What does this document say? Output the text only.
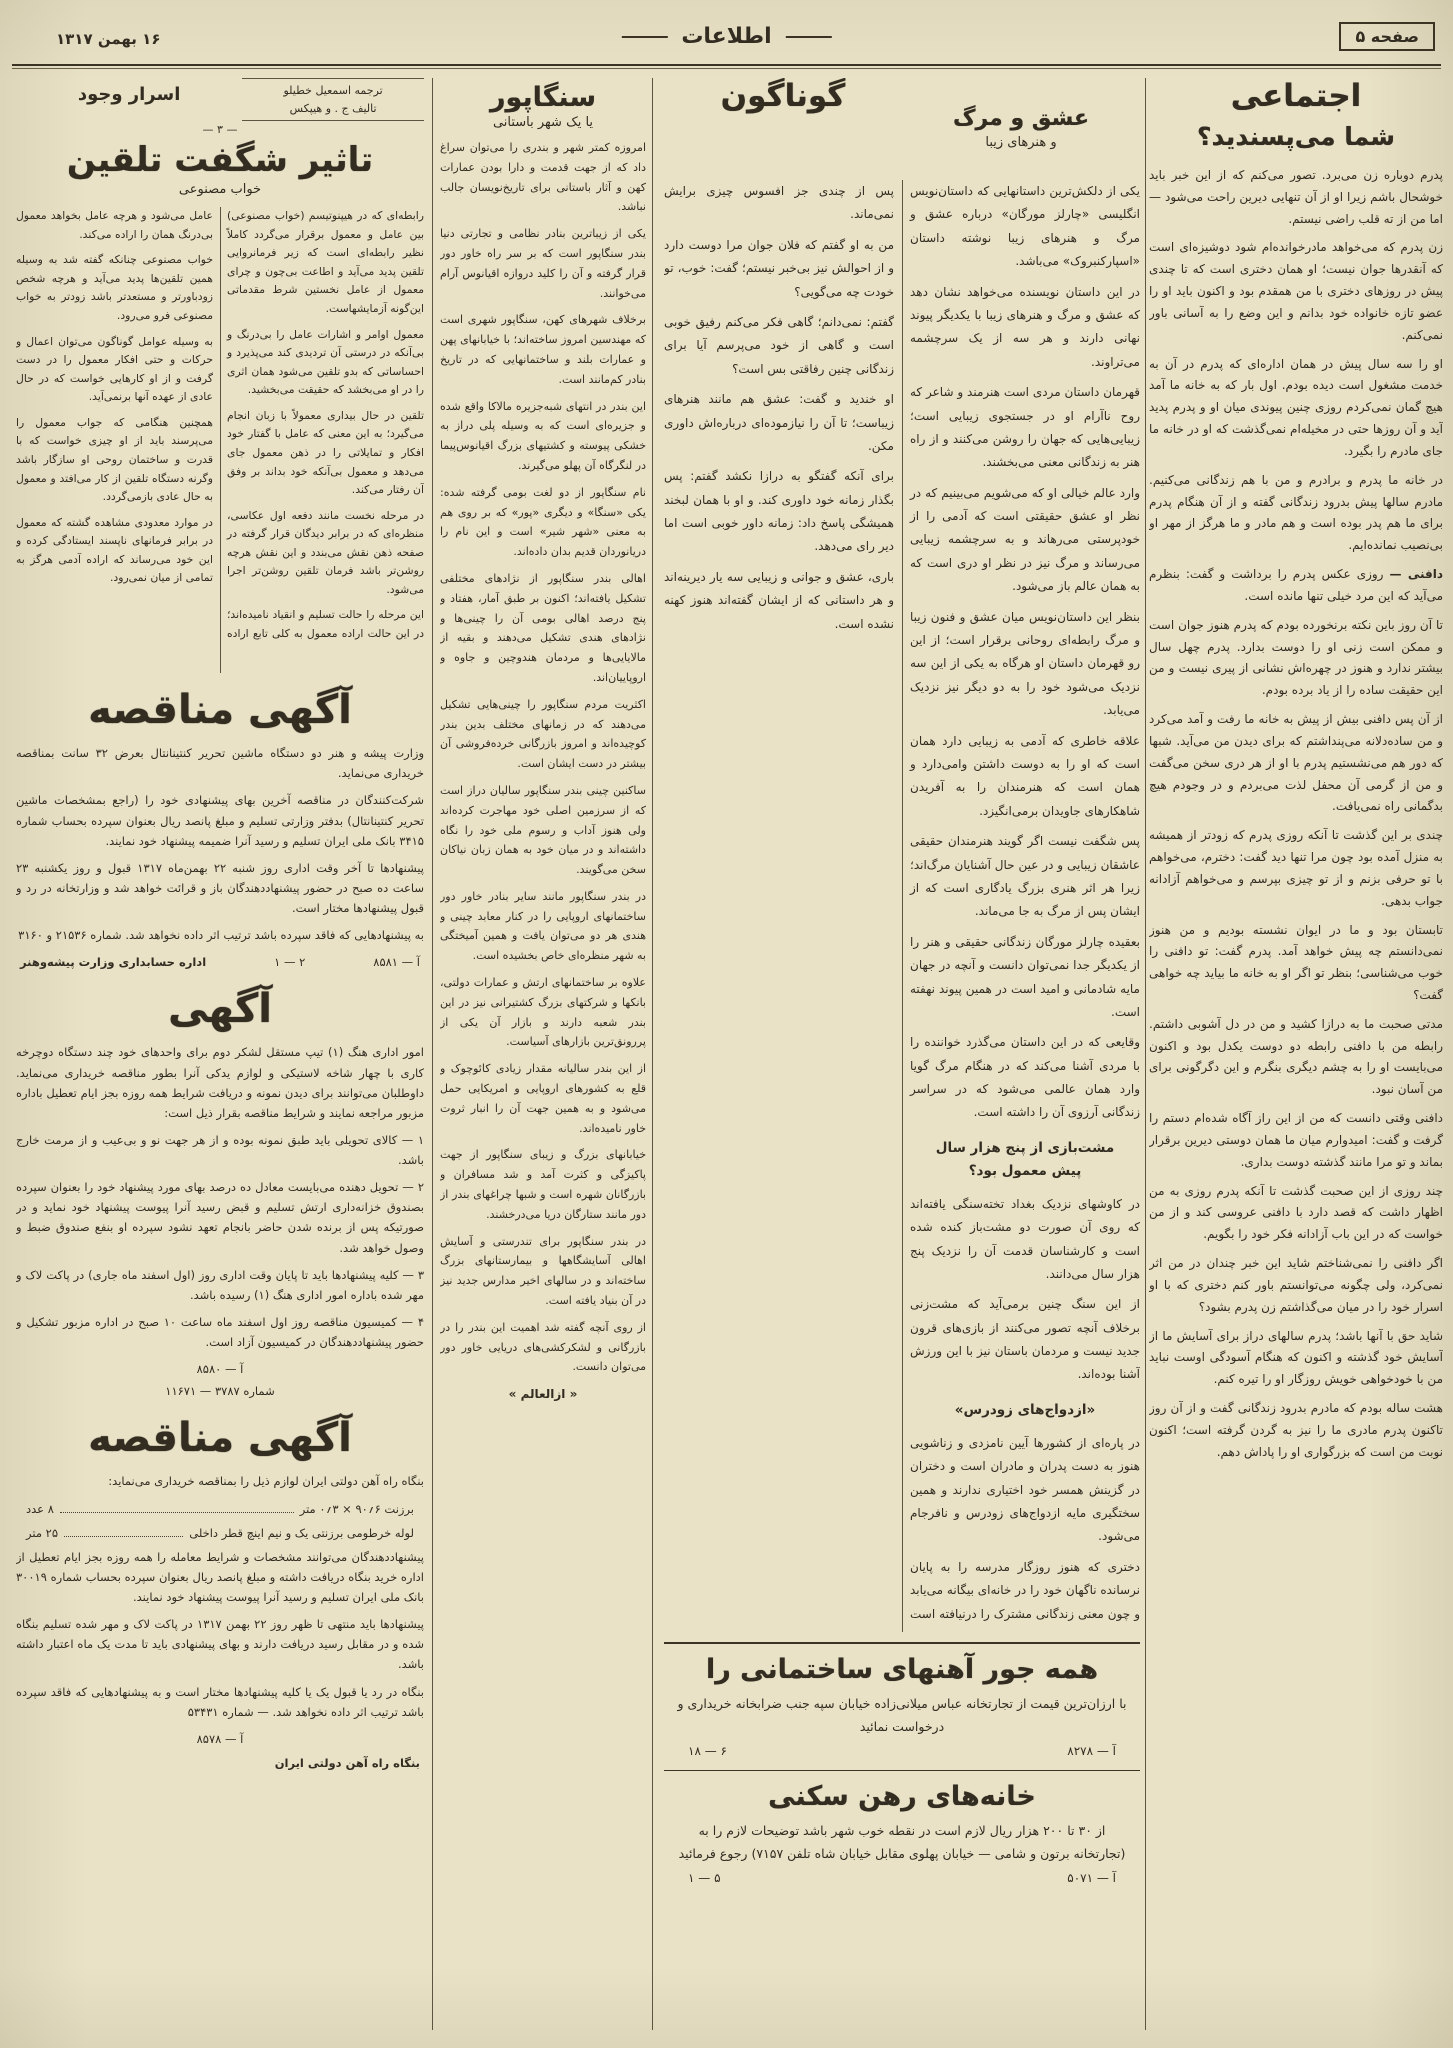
صفحه ۵
اطلاعات
۱۶ بهمن ۱۳۱۷
اجتماعی
شما می‌پسندید؟

پدرم دوباره زن می‌برد. تصور می‌کنم که از این خبر باید خوشحال باشم زیرا او از آن تنهایی دیرین راحت می‌شود — اما من از ته قلب راضی نیستم.

زن پدرم که می‌خواهد مادرخوانده‌ام شود دوشیزه‌ای است که آنقدرها جوان نیست؛ او همان دختری است که تا چندی پیش در روزهای دختری با من همقدم بود و اکنون باید او را عضو تازه خانواده خود بدانم و این وضع را به آسانی باور نمی‌کنم.

او را سه سال پیش در همان اداره‌ای که پدرم در آن به خدمت مشغول است دیده بودم. اول بار که به خانه ما آمد هیچ گمان نمی‌کردم روزی چنین پیوندی میان او و پدرم پدید آید و آن روزها حتی در مخیله‌ام نمی‌گذشت که او در خانه ما جای مادرم را بگیرد.

در خانه ما پدرم و برادرم و من با هم زندگانی می‌کنیم. مادرم سالها پیش بدرود زندگانی گفته و از آن هنگام پدرم برای ما هم پدر بوده است و هم مادر و ما هرگز از مهر او بی‌نصیب نمانده‌ایم.

دافنی — روزی عکس پدرم را برداشت و گفت: بنظرم می‌آید که این مرد خیلی تنها مانده است.

تا آن روز باین نکته برنخورده بودم که پدرم هنوز جوان است و ممکن است زنی او را دوست بدارد. پدرم چهل سال بیشتر ندارد و هنوز در چهره‌اش نشانی از پیری نیست و من این حقیقت ساده را از یاد برده بودم.

از آن پس دافنی بیش از پیش به خانه ما رفت و آمد می‌کرد و من ساده‌دلانه می‌پنداشتم که برای دیدن من می‌آید. شبها که دور هم می‌نشستیم پدرم با او از هر دری سخن می‌گفت و من از گرمی آن محفل لذت می‌بردم و در وجودم هیچ بدگمانی راه نمی‌یافت.

چندی بر این گذشت تا آنکه روزی پدرم که زودتر از همیشه به منزل آمده بود چون مرا تنها دید گفت: دخترم، می‌خواهم با تو حرفی بزنم و از تو چیزی بپرسم و می‌خواهم آزادانه جواب بدهی.

تابستان بود و ما در ایوان نشسته بودیم و من هنوز نمی‌دانستم چه پیش خواهد آمد. پدرم گفت: تو دافنی را خوب می‌شناسی؛ بنظر تو اگر او به خانه ما بیاید چه خواهی گفت؟

مدتی صحبت ما به درازا کشید و من در دل آشوبی داشتم. رابطه من با دافنی رابطه دو دوست یکدل بود و اکنون می‌بایست او را به چشم دیگری بنگرم و این دگرگونی برای من آسان نبود.

دافنی وقتی دانست که من از این راز آگاه شده‌ام دستم را گرفت و گفت: امیدوارم میان ما همان دوستی دیرین برقرار بماند و تو مرا مانند گذشته دوست بداری.

چند روزی از این صحبت گذشت تا آنکه پدرم روزی به من اظهار داشت که قصد دارد با دافنی عروسی کند و از من خواست که در این باب آزادانه فکر خود را بگویم.

اگر دافنی را نمی‌شناختم شاید این خبر چندان در من اثر نمی‌کرد، ولی چگونه می‌توانستم باور کنم دختری که با او اسرار خود را در میان می‌گذاشتم زن پدرم بشود؟

شاید حق با آنها باشد؛ پدرم سالهای دراز برای آسایش ما از آسایش خود گذشته و اکنون که هنگام آسودگی اوست نباید من با خودخواهی خویش روزگار او را تیره کنم.

هشت ساله بودم که مادرم بدرود زندگانی گفت و از آن روز تاکنون پدرم مادری ما را نیز به گردن گرفته است؛ اکنون نوبت من است که بزرگواری او را پاداش دهم.

عشق و مرگ
و هنرهای زیبا
گوناگون

یکی از دلکش‌ترین داستانهایی که داستان‌نویس انگلیسی «چارلز مورگان» درباره عشق و مرگ و هنرهای زیبا نوشته داستان «اسپارکنبروک» می‌باشد.

در این داستان نویسنده می‌خواهد نشان دهد که عشق و مرگ و هنرهای زیبا با یکدیگر پیوند نهانی دارند و هر سه از یک سرچشمه می‌تراوند.

قهرمان داستان مردی است هنرمند و شاعر که روح ناآرام او در جستجوی زیبایی است؛ زیبایی‌هایی که جهان را روشن می‌کنند و از راه هنر به زندگانی معنی می‌بخشند.

وارد عالم خیالی او که می‌شویم می‌بینیم که در نظر او عشق حقیقتی است که آدمی را از خودپرستی می‌رهاند و به سرچشمه زیبایی می‌رساند و مرگ نیز در نظر او دری است که به همان عالم باز می‌شود.

بنظر این داستان‌نویس میان عشق و فنون زیبا و مرگ رابطه‌ای روحانی برقرار است؛ از این رو قهرمان داستان او هرگاه به یکی از این سه نزدیک می‌شود خود را به دو دیگر نیز نزدیک می‌یابد.

علاقه خاطری که آدمی به زیبایی دارد همان است که او را به دوست داشتن وامی‌دارد و همان است که هنرمندان را به آفریدن شاهکارهای جاویدان برمی‌انگیزد.

پس شگفت نیست اگر گویند هنرمندان حقیقی عاشقان زیبایی و در عین حال آشنایان مرگ‌اند؛ زیرا هر اثر هنری بزرگ یادگاری است که از ایشان پس از مرگ به جا می‌ماند.

بعقیده چارلز مورگان زندگانی حقیقی و هنر را از یکدیگر جدا نمی‌توان دانست و آنچه در جهان مایه شادمانی و امید است در همین پیوند نهفته است.

وقایعی که در این داستان می‌گذرد خواننده را با مردی آشنا می‌کند که در هنگام مرگ گویا وارد همان عالمی می‌شود که در سراسر زندگانی آرزوی آن را داشته است.

مشت‌بازی از پنج هزار سال پیش معمول بود؟

در کاوشهای نزدیک بغداد تخته‌سنگی یافته‌اند که روی آن صورت دو مشت‌باز کنده شده است و کارشناسان قدمت آن را نزدیک پنج هزار سال می‌دانند.

از این سنگ چنین برمی‌آید که مشت‌زنی برخلاف آنچه تصور می‌کنند از بازی‌های قرون جدید نیست و مردمان باستان نیز با این ورزش آشنا بوده‌اند.

«ازدواج‌های زودرس»

در پاره‌ای از کشورها آیین نامزدی و زناشویی هنوز به دست پدران و مادران است و دختران در گزینش همسر خود اختیاری ندارند و همین سختگیری مایه ازدواج‌های زودرس و نافرجام می‌شود.

دختری که هنوز روزگار مدرسه را به پایان نرسانده ناگهان خود را در خانه‌ای بیگانه می‌یابد و چون معنی زندگانی مشترک را درنیافته است پس از چندی جز افسوس چیزی برایش نمی‌ماند.

من به او گفتم که فلان جوان مرا دوست دارد و از احوالش نیز بی‌خبر نیستم؛ گفت: خوب، تو خودت چه می‌گویی؟

گفتم: نمی‌دانم؛ گاهی فکر می‌کنم رفیق خوبی است و گاهی از خود می‌پرسم آیا برای زندگانی چنین رفاقتی بس است؟

او خندید و گفت: عشق هم مانند هنرهای زیباست؛ تا آن را نیازموده‌ای درباره‌اش داوری مکن.

برای آنکه گفتگو به درازا نکشد گفتم: پس بگذار زمانه خود داوری کند. و او با همان لبخند همیشگی پاسخ داد: زمانه داور خوبی است اما دیر رای می‌دهد.

باری، عشق و جوانی و زیبایی سه یار دیرینه‌اند و هر داستانی که از ایشان گفته‌اند هنوز کهنه نشده است.

همه جور آهنهای ساختمانی را
با ارزان‌ترین قیمت از تجارتخانه عباس میلانی‌زاده خیابان سپه جنب ضرابخانه خریداری و درخواست نمائید
آ — ۸۲۷۸
۶ — ۱۸
خانه‌های رهن سکنی
از ۳۰ تا ۲۰۰ هزار ریال لازم است در نقطه خوب شهر باشد توضیحات لازم را به (تجارتخانه برتون و شامی — خیابان پهلوی مقابل خیابان شاه تلفن ۷۱۵۷) رجوع فرمائید
آ — ۵۰۷۱
۵ — ۱
سنگاپور
یا یک شهر باستانی

امروزه کمتر شهر و بندری را می‌توان سراغ داد که از جهت قدمت و دارا بودن عمارات کهن و آثار باستانی برای تاریخ‌نویسان جالب نباشد.

یکی از زیباترین بنادر نظامی و تجارتی دنیا بندر سنگاپور است که بر سر راه خاور دور قرار گرفته و آن را کلید دروازه اقیانوس آرام می‌خوانند.

برخلاف شهرهای کهن، سنگاپور شهری است که مهندسین امروز ساخته‌اند؛ با خیابانهای پهن و عمارات بلند و ساختمانهایی که در تاریخ بنادر کم‌مانند است.

این بندر در انتهای شبه‌جزیره مالاکا واقع شده و جزیره‌ای است که به وسیله پلی دراز به خشکی پیوسته و کشتیهای بزرگ اقیانوس‌پیما در لنگرگاه آن پهلو می‌گیرند.

نام سنگاپور از دو لغت بومی گرفته شده: یکی «سنگا» و دیگری «پور» که بر روی هم به معنی «شهر شیر» است و این نام را دریانوردان قدیم بدان داده‌اند.

اهالی بندر سنگاپور از نژادهای مختلفی تشکیل یافته‌اند؛ اکنون بر طبق آمار، هفتاد و پنج درصد اهالی بومی آن را چینی‌ها و نژادهای هندی تشکیل می‌دهند و بقیه از مالایایی‌ها و مردمان هندوچین و جاوه و اروپاییان‌اند.

اکثریت مردم سنگاپور را چینی‌هایی تشکیل می‌دهند که در زمانهای مختلف بدین بندر کوچیده‌اند و امروز بازرگانی خرده‌فروشی آن بیشتر در دست ایشان است.

ساکنین چینی بندر سنگاپور سالیان دراز است که از سرزمین اصلی خود مهاجرت کرده‌اند ولی هنوز آداب و رسوم ملی خود را نگاه داشته‌اند و در میان خود به همان زبان نیاکان سخن می‌گویند.

در بندر سنگاپور مانند سایر بنادر خاور دور ساختمانهای اروپایی را در کنار معابد چینی و هندی هر دو می‌توان یافت و همین آمیختگی به شهر منظره‌ای خاص بخشیده است.

علاوه بر ساختمانهای ارتش و عمارات دولتی، بانکها و شرکتهای بزرگ کشتیرانی نیز در این بندر شعبه دارند و بازار آن یکی از پررونق‌ترین بازارهای آسیاست.

از این بندر سالیانه مقدار زیادی کائوچوک و قلع به کشورهای اروپایی و امریکایی حمل می‌شود و به همین جهت آن را انبار ثروت خاور نامیده‌اند.

خیابانهای بزرگ و زیبای سنگاپور از جهت پاکیزگی و کثرت آمد و شد مسافران و بازرگانان شهره است و شبها چراغهای بندر از دور مانند ستارگان دریا می‌درخشند.

در بندر سنگاپور برای تندرستی و آسایش اهالی آسایشگاهها و بیمارستانهای بزرگ ساخته‌اند و در سالهای اخیر مدارس جدید نیز در آن بنیاد یافته است.

از روی آنچه گفته شد اهمیت این بندر را در بازرگانی و لشکرکشی‌های دریایی خاور دور می‌توان دانست.

« ازالعالم »
ترجمه اسمعیل خطیلو
تالیف ج . و هیپکس
اسرار وجود
— ۳ —
تاثیر شگفت تلقین
خواب مصنوعی

رابطه‌ای که در هیپنوتیسم (خواب مصنوعی) بین عامل و معمول برقرار می‌گردد کاملاً نظیر رابطه‌ای است که زیر فرمانروایی تلقین پدید می‌آید و اطاعت بی‌چون و چرای معمول از عامل نخستین شرط مقدماتی این‌گونه آزمایشهاست.

معمول اوامر و اشارات عامل را بی‌درنگ و بی‌آنکه در درستی آن تردیدی کند می‌پذیرد و احساساتی که بدو تلقین می‌شود همان اثری را در او می‌بخشد که حقیقت می‌بخشید.

تلقین در حال بیداری معمولاً با زبان انجام می‌گیرد؛ به این معنی که عامل با گفتار خود افکار و تمایلاتی را در ذهن معمول جای می‌دهد و معمول بی‌آنکه خود بداند بر وفق آن رفتار می‌کند.

در مرحله نخست مانند دفعه اول عکاسی، منظره‌ای که در برابر دیدگان قرار گرفته در صفحه ذهن نقش می‌بندد و این نقش هرچه روشن‌تر باشد فرمان تلقین روشن‌تر اجرا می‌شود.

این مرحله را حالت تسلیم و انقیاد نامیده‌اند؛ در این حالت اراده معمول به کلی تابع اراده عامل می‌شود و هرچه عامل بخواهد معمول بی‌درنگ همان را اراده می‌کند.

خواب مصنوعی چنانکه گفته شد به وسیله همین تلقین‌ها پدید می‌آید و هرچه شخص زودباورتر و مستعدتر باشد زودتر به خواب مصنوعی فرو می‌رود.

به وسیله عوامل گوناگون می‌توان اعمال و حرکات و حتی افکار معمول را در دست گرفت و از او کارهایی خواست که در حال عادی از عهده آنها برنمی‌آید.

همچنین هنگامی که جواب معمول را می‌پرسند باید از او چیزی خواست که با قدرت و ساختمان روحی او سازگار باشد وگرنه دستگاه تلقین از کار می‌افتد و معمول به حال عادی بازمی‌گردد.

در موارد معدودی مشاهده گشته که معمول در برابر فرمانهای ناپسند ایستادگی کرده و این خود می‌رساند که اراده آدمی هرگز به تمامی از میان نمی‌رود.

آگهی مناقصه

وزارت پیشه و هنر دو دستگاه ماشین تحریر کنتینانتال بعرض ۳۲ سانت بمناقصه خریداری می‌نماید.

شرکت‌کنندگان در مناقصه آخرین بهای پیشنهادی خود را (راجع بمشخصات ماشین تحریر کنتینانتال) بدفتر وزارتی تسلیم و مبلغ پانصد ریال بعنوان سپرده بحساب شماره ۳۴۱۵ بانک ملی ایران تسلیم و رسید آنرا ضمیمه پیشنهاد خود نمایند.

پیشنهادها تا آخر وقت اداری روز شنبه ۲۲ بهمن‌ماه ۱۳۱۷ قبول و روز یکشنبه ۲۳ ساعت ده صبح در حضور پیشنهاددهندگان باز و قرائت خواهد شد و وزارتخانه در رد و قبول پیشنهادها مختار است.

به پیشنهادهایی که فاقد سپرده باشد ترتیب اثر داده نخواهد شد. شماره ۲۱۵۳۶ و ۳۱۶۰

آ — ۸۵۸۱
۲ — ۱
اداره حسابداری وزارت پیشه‌وهنر
آگهی

امور اداری هنگ (۱) تیپ مستقل لشکر دوم برای واحدهای خود چند دستگاه دوچرخه کاری با چهار شاخه لاستیکی و لوازم یدکی آنرا بطور مناقصه خریداری می‌نماید. داوطلبان می‌توانند برای دیدن نمونه و دریافت شرایط همه روزه بجز ایام تعطیل باداره مزبور مراجعه نمایند و شرایط مناقصه بقرار ذیل است:

۱ — کالای تحویلی باید طبق نمونه بوده و از هر جهت نو و بی‌عیب و از مرمت خارج باشد.

۲ — تحویل دهنده می‌بایست معادل ده درصد بهای مورد پیشنهاد خود را بعنوان سپرده بصندوق خزانه‌داری ارتش تسلیم و قبض رسید آنرا پیوست پیشنهاد خود نماید و در صورتیکه پس از برنده شدن حاضر بانجام تعهد نشود سپرده او بنفع صندوق ضبط و وصول خواهد شد.

۳ — کلیه پیشنهادها باید تا پایان وقت اداری روز (اول اسفند ماه جاری) در پاکت لاک و مهر شده باداره امور اداری هنگ (۱) رسیده باشد.

۴ — کمیسیون مناقصه روز اول اسفند ماه ساعت ۱۰ صبح در اداره مزبور تشکیل و حضور پیشنهاددهندگان در کمیسیون آزاد است.

آ — ۸۵۸۰
شماره ۳۷۸۷ — ۱۱۶۷۱
آگهی مناقصه

بنگاه راه آهن دولتی ایران لوازم ذیل را بمناقصه خریداری می‌نماید:

برزنت ۶؍۹۰ × ۳؍۰ متر
۸ عدد
لوله خرطومی برزنتی یک و نیم اینچ قطر داخلی
۲۵ متر

پیشنهاددهندگان می‌توانند مشخصات و شرایط معامله را همه روزه بجز ایام تعطیل از اداره خرید بنگاه دریافت داشته و مبلغ پانصد ریال بعنوان سپرده بحساب شماره ۳۰۰۱۹ بانک ملی ایران تسلیم و رسید آنرا پیوست پیشنهاد خود نمایند.

پیشنهادها باید منتهی تا ظهر روز ۲۲ بهمن ۱۳۱۷ در پاکت لاک و مهر شده تسلیم بنگاه شده و در مقابل رسید دریافت دارند و بهای پیشنهادی باید تا مدت یک ماه اعتبار داشته باشد.

بنگاه در رد یا قبول یک یا کلیه پیشنهادها مختار است و به پیشنهادهایی که فاقد سپرده باشد ترتیب اثر داده نخواهد شد. — شماره ۵۳۴۳۱

آ — ۸۵۷۸
بنگاه راه آهن دولتی ایران
